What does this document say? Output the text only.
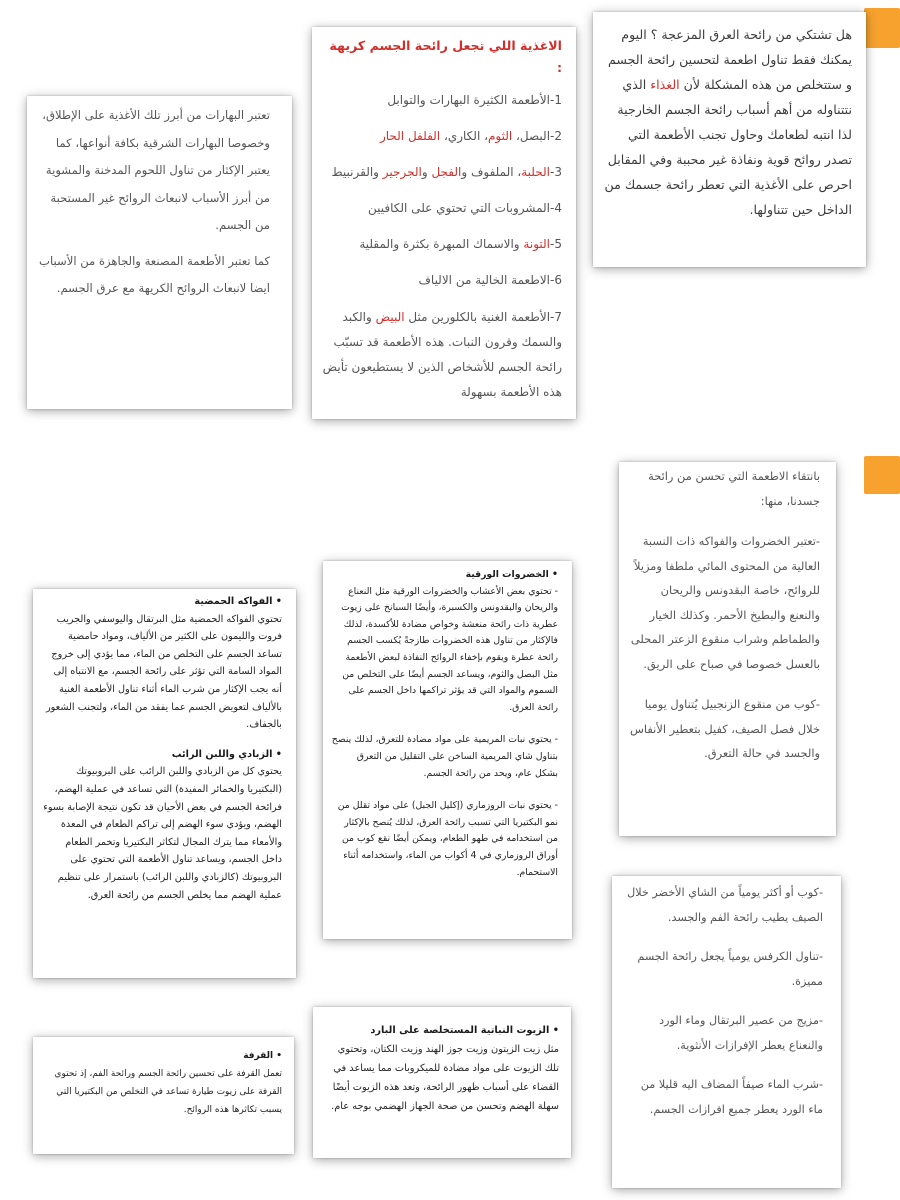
هل تشتكي من رائحة العرق المزعجة ؟ اليوم يمكنك فقط تناول اطعمة لتحسين رائحة الجسم و ستتخلص من هذه المشكلة لأن الغذاء الذي نتتناوله من أهم أسباب رائحة الجسم الخارجية لذا انتبه لطعامك وحاول تجنب الأطعمة التي تصدر روائح قوية ونفاذة غير محببة وفي المقابل احرص على الأغذية التي تعطر رائحة جسمك من الداخل حين تتناولها.

الاغذية اللي تجعل رائحة الجسم كريهة :

1-الأطعمة الكثيرة البهارات والتوابل

2-البصل، الثوم، الكاري، الفلفل الحار

3-الحلبة، الملفوف والفجل والجرجير والقرنبيط

4-المشروبات التي تحتوي على الكافيين

5-التونة والاسماك المبهرة بكثرة والمقلية

6-الاطعمة الخالية من الالياف

7-الأطعمة الغنية بالكلورين مثل البيض والكبد والسمك وقرون النبات. هذه الأطعمة قد تسبّب رائحة الجسم للأشخاص الذين لا يستطيعون تأيض هذه الأطعمة بسهولة

تعتبر البهارات من أبرز تلك الأغذية على الإطلاق، وخصوصا البهارات الشرقية بكافة أنواعها، كما يعتبر الإكثار من تناول اللحوم المدخنة والمشوية من أبرز الأسباب لانبعاث الروائح غير المستحبة من الجسم.

كما تعتبر الأطعمة المصنعة والجاهزة من الأسباب ايضا لانبعاث الروائح الكريهة مع عرق الجسم.

بانتقاء الاطعمة التي تحسن من رائحة جسدنا، منها:

-تعتبر الخضروات والفواكه ذات النسبة العالية من المحتوى المائي ملطفا ومزيلاً للروائح، خاصة البقدونس والريحان والنعنع والبطيخ الأحمر. وكذلك الخيار والطماطم وشراب منقوع الزعتر المحلى بالعسل خصوصا في صباح على الريق.

-كوب من منقوع الزنجبيل يُتناول يوميا خلال فصل الصيف، كفيل بتعطير الأنفاس والجسد في حالة التعرق.

• الخضروات الورقية

- تحتوي بعض الأعشاب والخضروات الورقية مثل النعناع والريحان والبقدونس والكسبرة، وأيضًا السبانخ على زيوت عطرية ذات رائحة منعشة وخواص مضادة للأكسدة، لذلك فالإكثار من تناول هذه الخضروات طازجةً يُكسب الجسم رائحة عطرة ويقوم بإخفاء الروائح النفاذة لبعض الأطعمة مثل البصل والثوم، ويساعد الجسم أيضًا على التخلص من السموم والمواد التي قد يؤثر تراكمها داخل الجسم على رائحة العرق.

- يحتوي نبات المريمية على مواد مضادة للتعرق، لذلك ينصح بتناول شاي المريمية الساخن على التقليل من التعرق بشكل عام، ويحد من رائحة الجسم.

- يحتوي نبات الروزماري (إكليل الجبل) على مواد تقلل من نمو البكتيريا التي تسبب رائحة العرق، لذلك يُنصح بالإكثار من استخدامه في طهو الطعام، ويمكن أيضًا نقع كوب من أوراق الروزماري في 4 أكواب من الماء، واستخدامه أثناء الاستحمام.

• الفواكه الحمضية

تحتوي الفواكه الحمضية مثل البرتقال واليوسفي والجريب فروت والليمون على الكثير من الألياف، ومواد حامضية تساعد الجسم على التخلص من الماء، مما يؤدي إلى خروج المواد السامة التي تؤثر على رائحة الجسم، مع الانتباه إلى أنه يجب الإكثار من شرب الماء أثناء تناول الأطعمة الغنية بالألياف لتعويض الجسم عما يفقد من الماء، ولتجنب الشعور بالجفاف.

• الزبادي واللبن الرائب

يحتوي كل من الزبادي واللبن الرائب على البروبيوتك (البكتيريا والخمائر المفيدة) التي تساعد في عملية الهضم، فرائحة الجسم في بعض الأحيان قد تكون نتيجة الإصابة بسوء الهضم، ويؤدي سوء الهضم إلى تراكم الطعام في المعدة والأمعاء مما يترك المجال لتكاثر البكتيريا وتخمر الطعام داخل الجسم، ويساعد تناول الأطعمة التي تحتوي على البروبيوتك (كالزبادي واللبن الرائب) باستمرار على تنظيم عملية الهضم مما يخلص الجسم من رائحة العرق.	-كوب أو أكثر يومياً من الشاي الأخضر خلال الصيف يطيب رائحة الفم والجسد.

-تناول الكرفس يومياً يجعل رائحة الجسم مميزة.

-مزيج من عصير البرتقال وماء الورد والنعناع يعطر الإفرازات الأنثوية.

-شرب الماء صيفاً المضاف اليه قليلا من ماء الورد يعطر جميع افرازات الجسم.

• الزيوت النباتية المستخلصة على البارد

مثل زيت الزيتون وزيت جوز الهند وزيت الكتان، وتحتوي تلك الزيوت على مواد مضادة للميكروبات مما يساعد في القضاء على أسباب ظهور الرائحة، وتعد هذه الزيوت أيضًا سهلة الهضم وتحسن من صحة الجهاز الهضمي بوجه عام.

• القرفة

تعمل القرفة على تحسين رائحة الجسم ورائحة الفم، إذ تحتوي القرفة على زيوت طيارة تساعد في التخلص من البكتيريا التي يسبب تكاثرها هذه الروائح.
